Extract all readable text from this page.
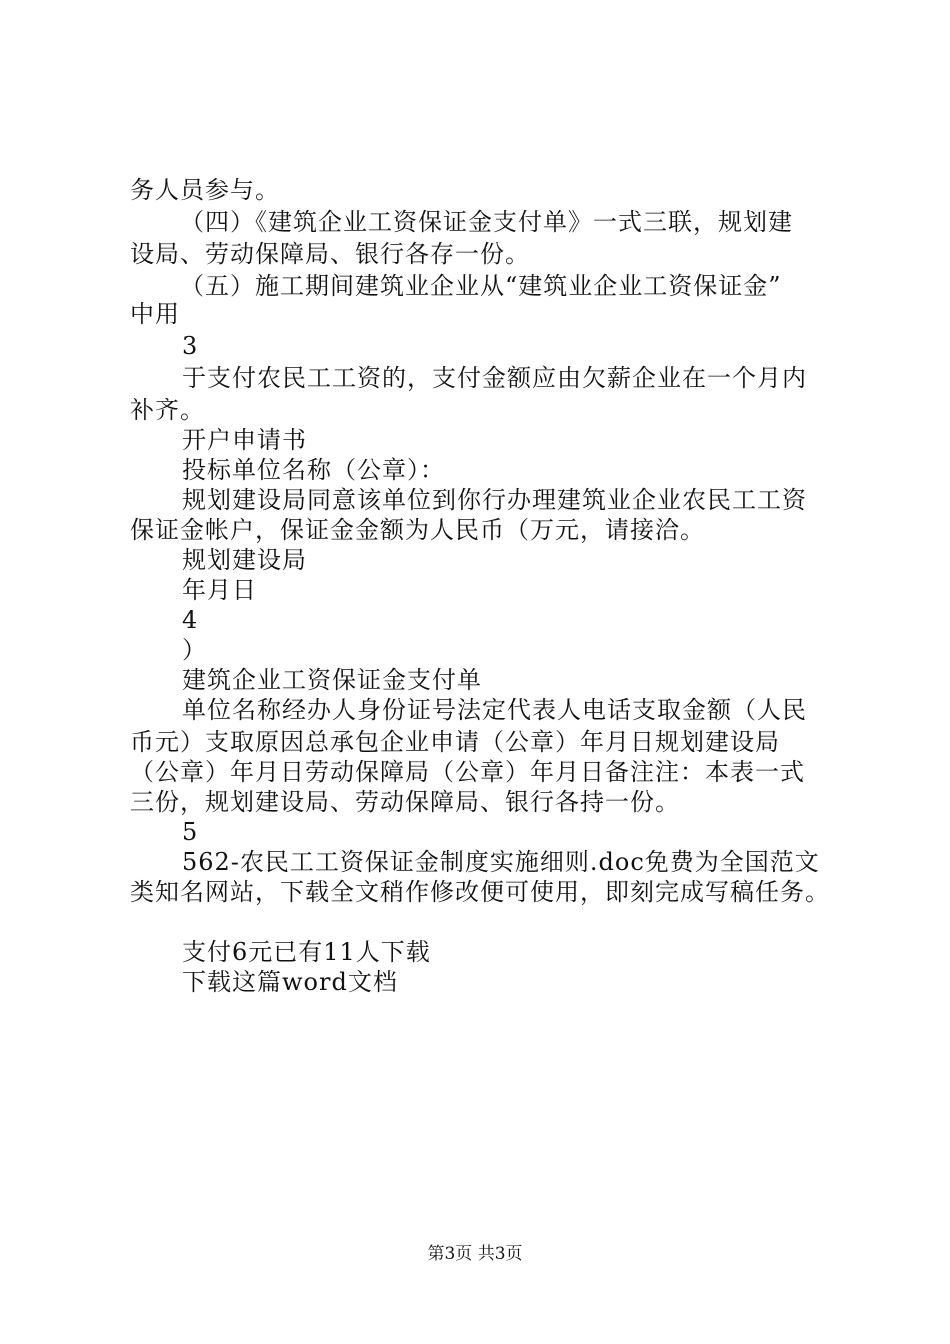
务人员参与。
（四）《建筑企业工资保证金支付单》一式三联，规划建
设局、劳动保障局、银行各存一份。
（五）施工期间建筑业企业从“建筑业企业工资保证金”
中用
3
于支付农民工工资的，支付金额应由欠薪企业在一个月内
补齐。
开户申请书
投标单位名称（公章）：
规划建设局同意该单位到你行办理建筑业企业农民工工资
保证金帐户，保证金金额为人民币（万元，请接洽。
规划建设局
年月日
4
）
建筑企业工资保证金支付单
单位名称经办人身份证号法定代表人电话支取金额（人民
币元）支取原因总承包企业申请（公章）年月日规划建设局
（公章）年月日劳动保障局（公章）年月日备注注：本表一式
三份，规划建设局、劳动保障局、银行各持一份。
5
562-农民工工资保证金制度实施细则.doc免费为全国范文
类知名网站，下载全文稍作修改便可使用，即刻完成写稿任务。
支付6元已有11人下载
下载这篇word文档
第3页 共3页
